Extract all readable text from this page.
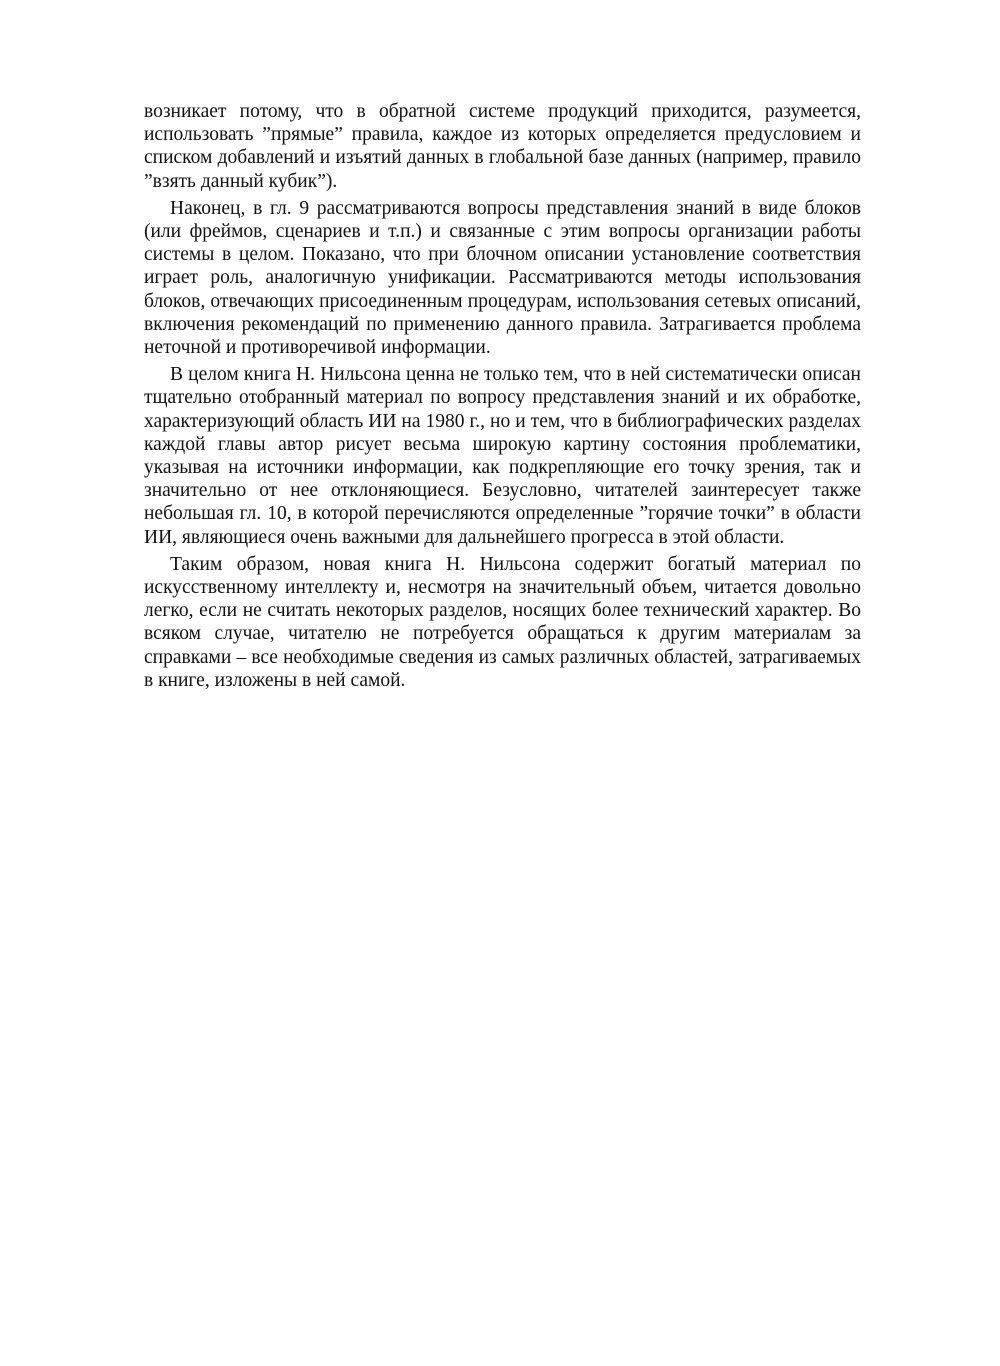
возникает потому, что в обратной системе продукций приходится, разумеется, использовать ”прямые” правила, каждое из которых определяется предусловием и списком добавлений и изъятий данных в глобальной базе данных (например, правило ”взять данный кубик”).

Наконец, в гл. 9 рассматриваются вопросы представления знаний в виде блоков (или фреймов, сценариев и т.п.) и связанные с этим вопросы организации работы системы в целом. Показано, что при блочном описании установление соответствия играет роль, аналогичную унификации. Рассматриваются методы использования блоков, отвечающих присоединенным процедурам, использования сетевых описаний, включения рекомендаций по применению данного правила. Затрагивается проблема неточной и противоречивой информации.

В целом книга Н. Нильсона ценна не только тем, что в ней систематически описан тщательно отобранный материал по вопросу представления знаний и их обработке, характеризующий область ИИ на 1980 г., но и тем, что в библиографических разделах каждой главы автор рисует весьма широкую картину состояния проблематики, указывая на источники информации, как подкрепляющие его точку зрения, так и значительно от нее отклоняющиеся. Безусловно, читателей заинтересует также небольшая гл. 10, в которой перечисляются определенные ”горячие точки” в области ИИ, являющиеся очень важными для дальнейшего прогресса в этой области.

Таким образом, новая книга Н. Нильсона содержит богатый материал по искусственному интеллекту и, несмотря на значительный объем, читается довольно легко, если не считать некоторых разделов, носящих более технический характер. Во всяком случае, читателю не потребуется обращаться к другим материалам за справками – все необходимые сведения из самых различных областей, затрагиваемых в книге, изложены в ней самой.
